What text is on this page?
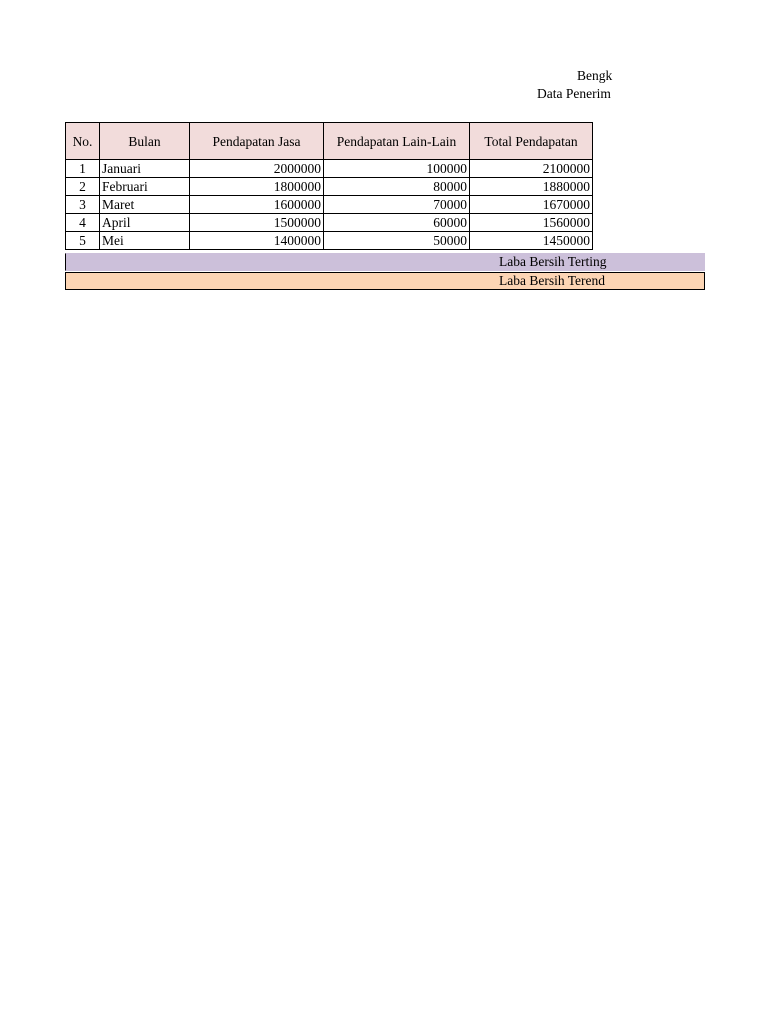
Bengk
Data Penerim
No.	Bulan	Pendapatan Jasa	Pendapatan Lain-Lain	Total Pendapatan
1	Januari	2000000	100000	2100000
2	Februari	1800000	80000	1880000
3	Maret	1600000	70000	1670000
4	April	1500000	60000	1560000
5	Mei	1400000	50000	1450000
Laba Bersih Terting
Laba Bersih Terend
